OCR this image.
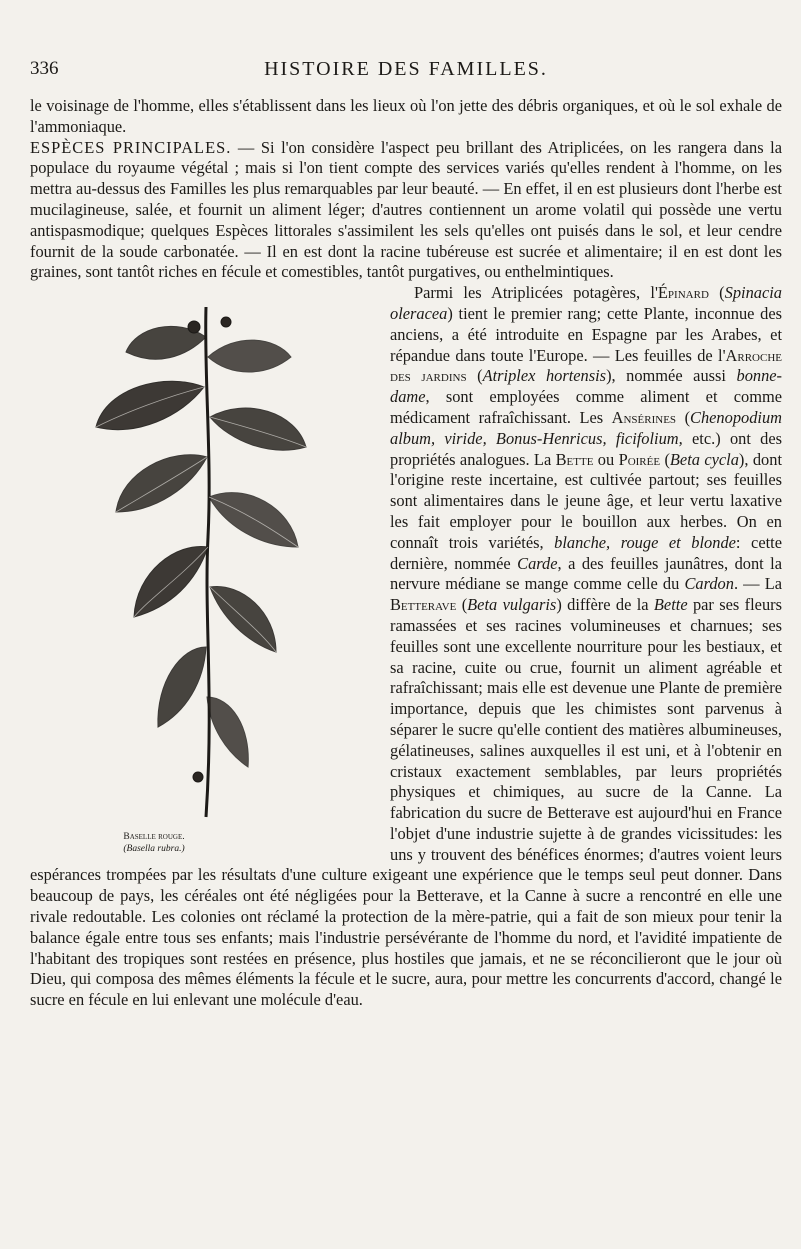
336	HISTOIRE DES FAMILLES.

le voisinage de l'homme, elles s'établissent dans les lieux où l'on jette des débris organiques, et où le sol exhale de l'ammoniaque.

ESPÈCES PRINCIPALES. — Si l'on considère l'aspect peu brillant des Atriplicées, on les rangera dans la populace du royaume végétal ; mais si l'on tient compte des services variés qu'elles rendent à l'homme, on les mettra au-dessus des Familles les plus remarquables par leur beauté. — En effet, il en est plusieurs dont l'herbe est mucilagineuse, salée, et fournit un aliment léger; d'autres contiennent un arome volatil qui possède une vertu antispasmodique; quelques Espèces littorales s'assimilent les sels qu'elles ont puisés dans le sol, et leur cendre fournit de la soude carbonatée. — Il en est dont la racine tubéreuse est sucrée et alimentaire; il en est dont les graines, sont tantôt riches en fécule et comestibles, tantôt purgatives, ou enthelmintiques.

Baselle rouge.
(Basella rubra.)

Parmi les Atriplicées potagères, l'Épinard (Spinacia oleracea) tient le premier rang; cette Plante, inconnue des anciens, a été introduite en Espagne par les Arabes, et répandue dans toute l'Europe. — Les feuilles de l'Arroche des jardins (Atriplex hortensis), nommée aussi bonne-dame, sont employées comme aliment et comme médicament rafraîchissant. Les Ansérines (Chenopodium album, viride, Bonus-Henricus, ficifolium, etc.) ont des propriétés analogues. La Bette ou Poirée (Beta cycla), dont l'origine reste incertaine, est cultivée partout; ses feuilles sont alimentaires dans le jeune âge, et leur vertu laxative les fait employer pour le bouillon aux herbes. On en connaît trois variétés, blanche, rouge et blonde: cette dernière, nommée Carde, a des feuilles jaunâtres, dont la nervure médiane se mange comme celle du Cardon. — La Betterave (Beta vulgaris) diffère de la Bette par ses fleurs ramassées et ses racines volumineuses et charnues; ses feuilles sont une excellente nourriture pour les bestiaux, et sa racine, cuite ou crue, fournit un aliment agréable et rafraîchissant; mais elle est devenue une Plante de première importance, depuis que les chimistes sont parvenus à séparer le sucre qu'elle contient des matières albumineuses, gélatineuses, salines auxquelles il est uni, et à l'obtenir en cristaux exactement semblables, par leurs propriétés physiques et chimiques, au sucre de la Canne. La fabrication du sucre de Betterave est aujourd'hui en France l'objet d'une industrie sujette à de grandes vicissitudes: les uns y trouvent des bénéfices énormes; d'autres voient leurs espérances trompées par les résultats d'une culture exigeant une expérience que le temps seul peut donner. Dans beaucoup de pays, les céréales ont été négligées pour la Betterave, et la Canne à sucre a rencontré en elle une rivale redoutable. Les colonies ont réclamé la protection de la mère-patrie, qui a fait de son mieux pour tenir la balance égale entre tous ses enfants; mais l'industrie persévérante de l'homme du nord, et l'avidité impatiente de l'habitant des tropiques sont restées en présence, plus hostiles que jamais, et ne se réconcilieront que le jour où Dieu, qui composa des mêmes éléments la fécule et le sucre, aura, pour mettre les concurrents d'accord, changé le sucre en fécule en lui enlevant une molécule d'eau.
